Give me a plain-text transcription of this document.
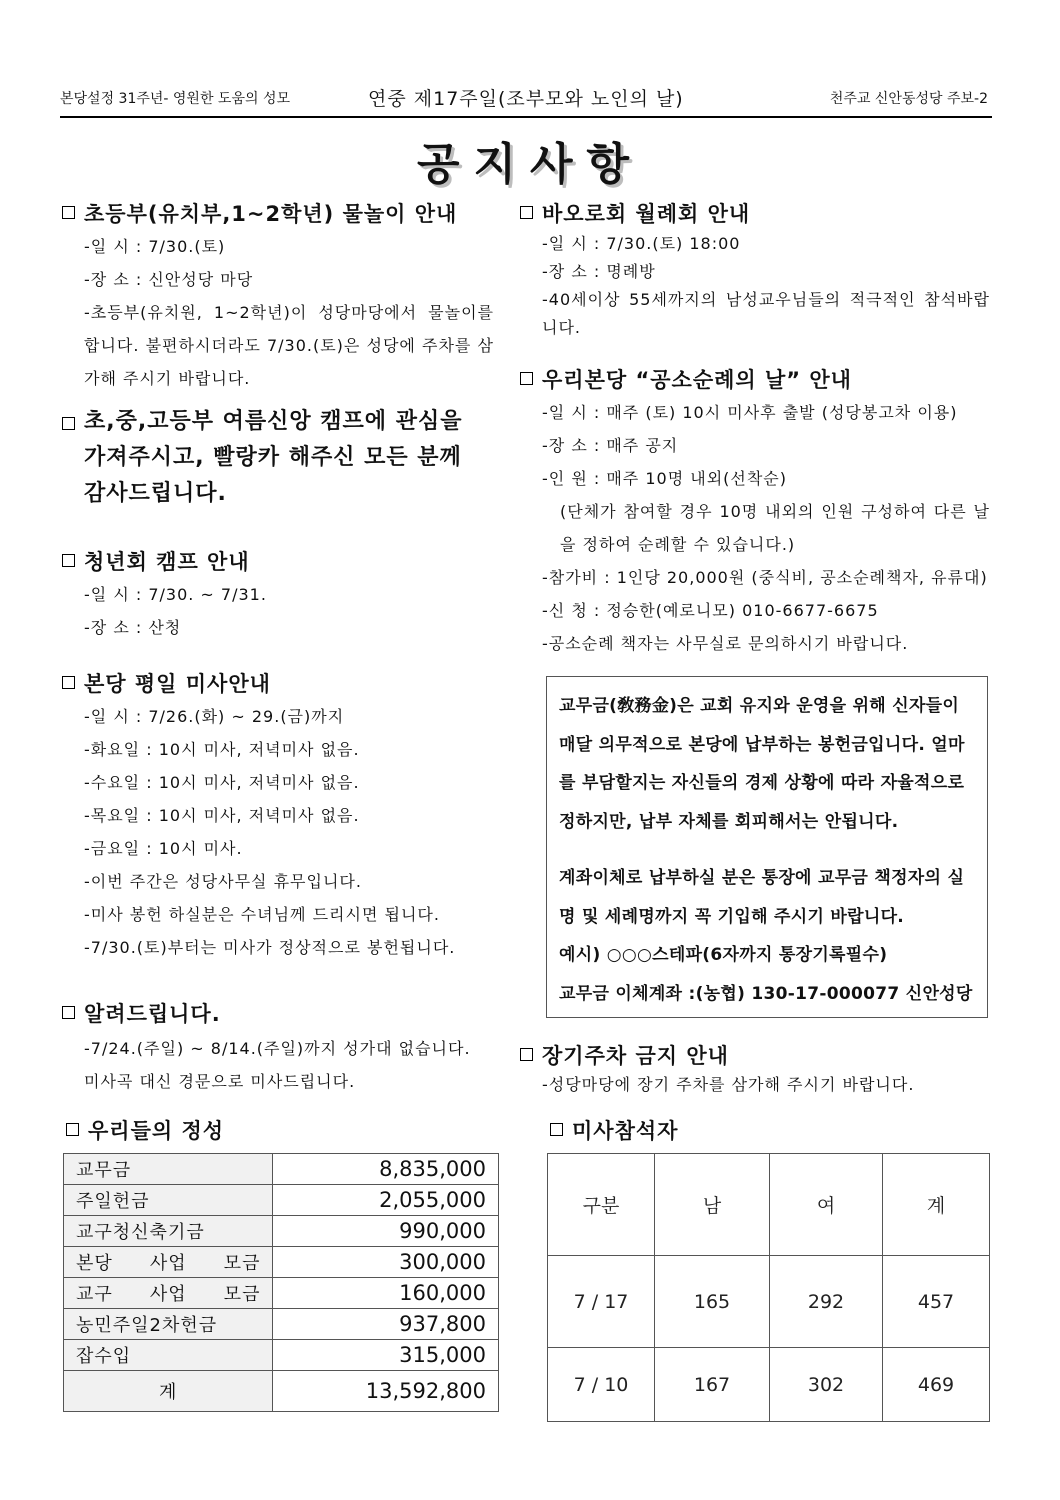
본당설정 31주년- 영원한 도움의 성모	연중 제17주일(조부모와 노인의 날)	천주교 신안동성당 주보-2
공지사항
초등부(유치부,1~2학년) 물놀이 안내
-일 시 : 7/30.(토)
-장 소 : 신안성당 마당
-초등부(유치원, 1~2학년)이 성당마당에서 물놀이를 합니다. 불편하시더라도 7/30.(토)은 성당에 주차를 삼가해 주시기 바랍니다.
초,중,고등부 여름신앙 캠프에 관심을 가져주시고, 빨랑카 해주신 모든 분께 감사드립니다.
청년회 캠프 안내
-일 시 : 7/30. ~ 7/31.
-장 소 : 산청
본당 평일 미사안내
-일 시 : 7/26.(화) ~ 29.(금)까지
-화요일 : 10시 미사, 저녁미사 없음.
-수요일 : 10시 미사, 저녁미사 없음.
-목요일 : 10시 미사, 저녁미사 없음.
-금요일 : 10시 미사.
-이번 주간은 성당사무실 휴무입니다.
-미사 봉헌 하실분은 수녀님께 드리시면 됩니다.
-7/30.(토)부터는 미사가 정상적으로 봉헌됩니다.
알려드립니다.
-7/24.(주일) ~ 8/14.(주일)까지 성가대 없습니다.
미사곡 대신 경문으로 미사드립니다.
바오로회 월례회 안내
-일 시 : 7/30.(토) 18:00
-장 소 : 명례방
-40세이상 55세까지의 남성교우님들의 적극적인 참석바랍니다.
우리본당 “공소순례의 날” 안내
-일 시 : 매주 (토) 10시 미사후 출발 (성당봉고차 이용)
-장 소 : 매주 공지
-인 원 : 매주 10명 내외(선착순)
(단체가 참여할 경우 10명 내외의 인원 구성하여 다른 날을 정하여 순례할 수 있습니다.)
-참가비 : 1인당 20,000원 (중식비, 공소순례책자, 유류대)
-신 청 : 정승한(예로니모) 010-6677-6675
-공소순례 책자는 사무실로 문의하시기 바랍니다.

교무금(敎務金)은 교회 유지와 운영을 위해 신자들이 매달 의무적으로 본당에 납부하는 봉헌금입니다. 얼마를 부담할지는 자신들의 경제 상황에 따라 자율적으로 정하지만, 납부 자체를 회피해서는 안됩니다.

계좌이체로 납부하실 분은 통장에 교무금 책정자의 실명 및 세례명까지 꼭 기입해 주시기 바랍니다.

예시) ○○○스테파(6자까지 통장기록필수)

교무금 이체계좌 :(농협) 130-17-000077 신안성당

장기주차 금지 안내
-성당마당에 장기 주차를 삼가해 주시기 바랍니다.
우리들의 정성
교무금	8,835,000
주일헌금	2,055,000
교구청신축기금	990,000
본당 사업 모금	300,000
교구 사업 모금	160,000
농민주일2차헌금	937,800
잡수입	315,000
계	13,592,800
미사참석자
구분	남	여	계
7 / 17	165	292	457
7 / 10	167	302	469
